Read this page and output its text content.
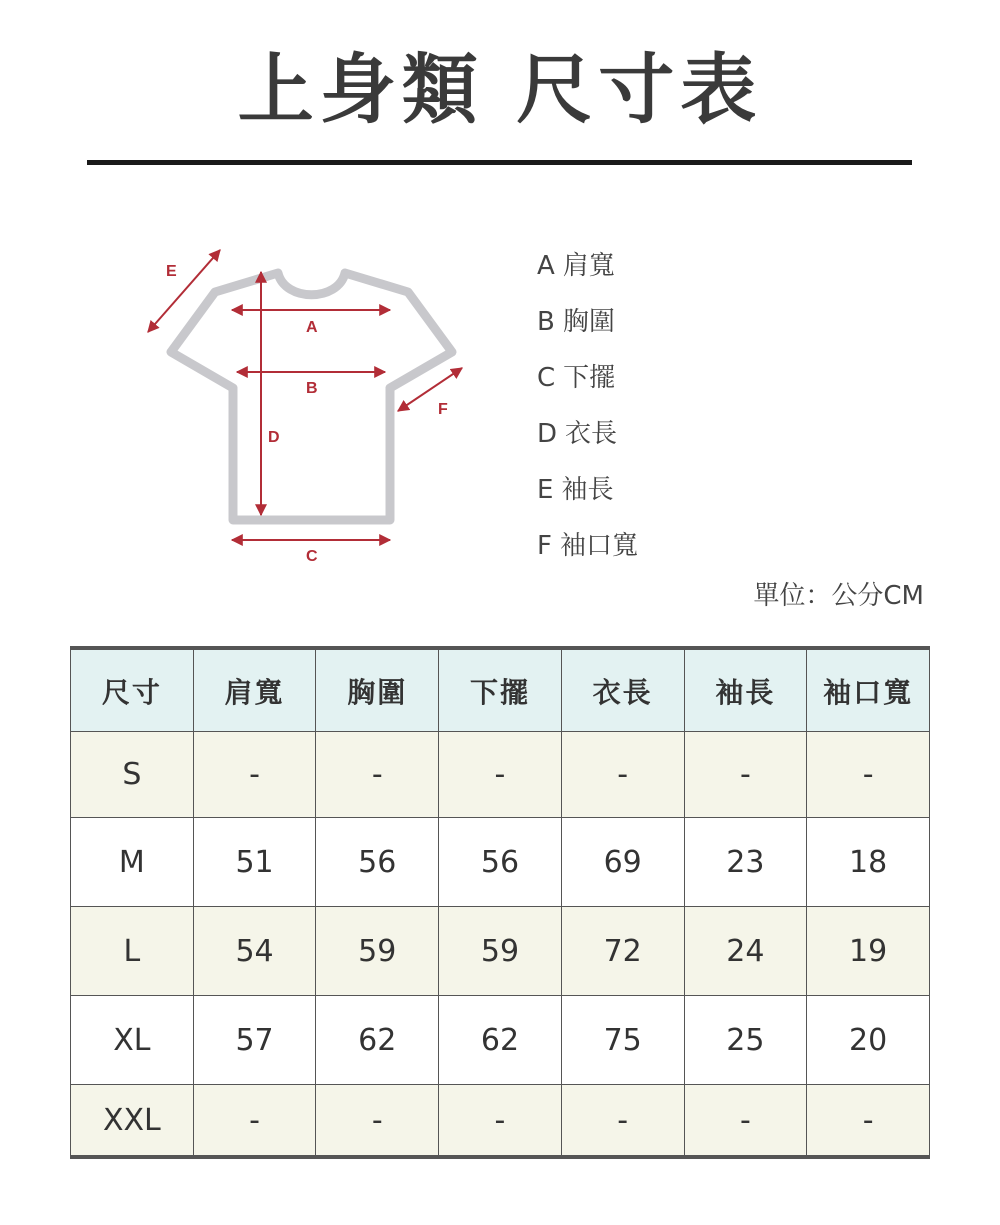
上身類 尺寸表
A
B
C
D
E
F
A 肩寬
B 胸圍
C 下擺
D 衣長
E 袖長
F 袖口寬
單位：公分CM
尺寸	肩寬	胸圍	下擺	衣長	袖長	袖口寬
S	-	-	-	-	-	-
M	51	56	56	69	23	18
L	54	59	59	72	24	19
XL	57	62	62	75	25	20
XXL	-	-	-	-	-	-
